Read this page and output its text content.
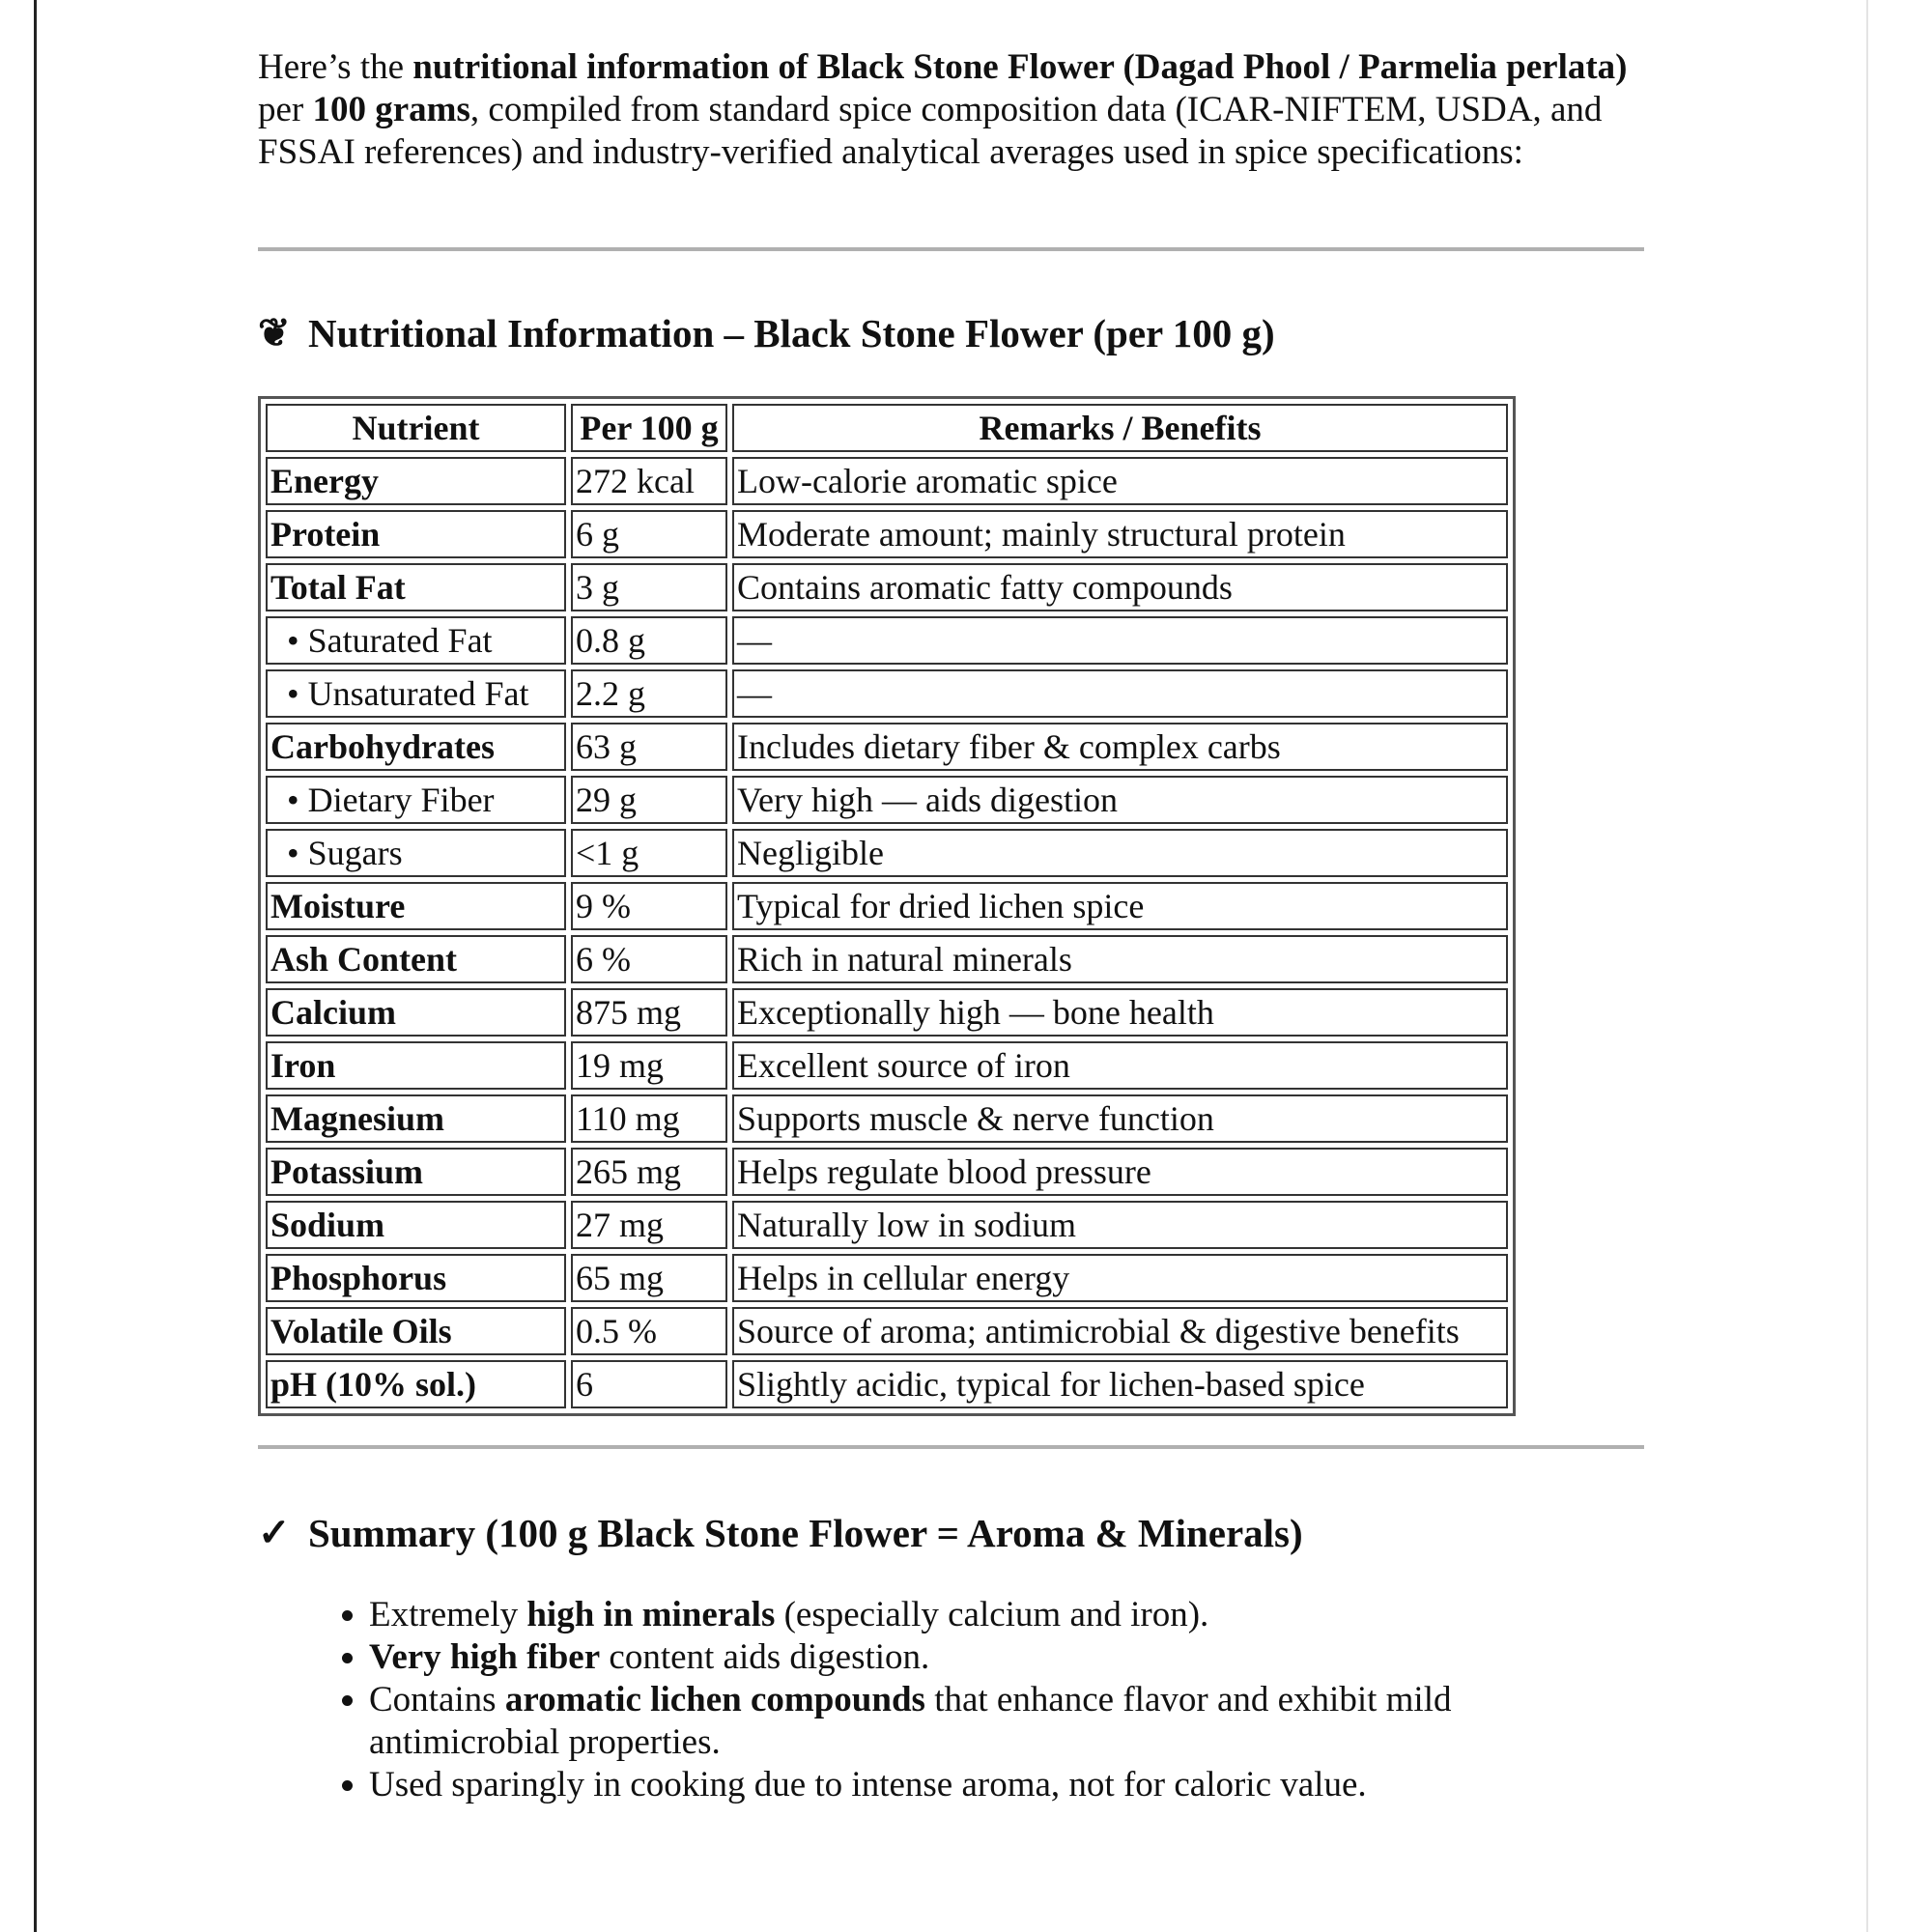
Here’s the nutritional information of Black Stone Flower (Dagad Phool / Parmelia perlata) per 100 grams, compiled from standard spice composition data (ICAR-NIFTEM, USDA, and FSSAI references) and industry-verified analytical averages used in spice specifications:

❦ Nutritional Information – Black Stone Flower (per 100 g)
Nutrient	Per 100 g	Remarks / Benefits
Energy	272 kcal	Low-calorie aromatic spice
Protein	6 g	Moderate amount; mainly structural protein
Total Fat	3 g	Contains aromatic fatty compounds
• Saturated Fat	0.8 g	—
• Unsaturated Fat	2.2 g	—
Carbohydrates	63 g	Includes dietary fiber & complex carbs
• Dietary Fiber	29 g	Very high — aids digestion
• Sugars	<1 g	Negligible
Moisture	9 %	Typical for dried lichen spice
Ash Content	6 %	Rich in natural minerals
Calcium	875 mg	Exceptionally high — bone health
Iron	19 mg	Excellent source of iron
Magnesium	110 mg	Supports muscle & nerve function
Potassium	265 mg	Helps regulate blood pressure
Sodium	27 mg	Naturally low in sodium
Phosphorus	65 mg	Helps in cellular energy
Volatile Oils	0.5 %	Source of aroma; antimicrobial & digestive benefits
pH (10% sol.)	6	Slightly acidic, typical for lichen-based spice
✓ Summary (100 g Black Stone Flower = Aroma & Minerals)
• Extremely high in minerals (especially calcium and iron).
• Very high fiber content aids digestion.
• Contains aromatic lichen compounds that enhance flavor and exhibit mild antimicrobial properties.
• Used sparingly in cooking due to intense aroma, not for caloric value.
